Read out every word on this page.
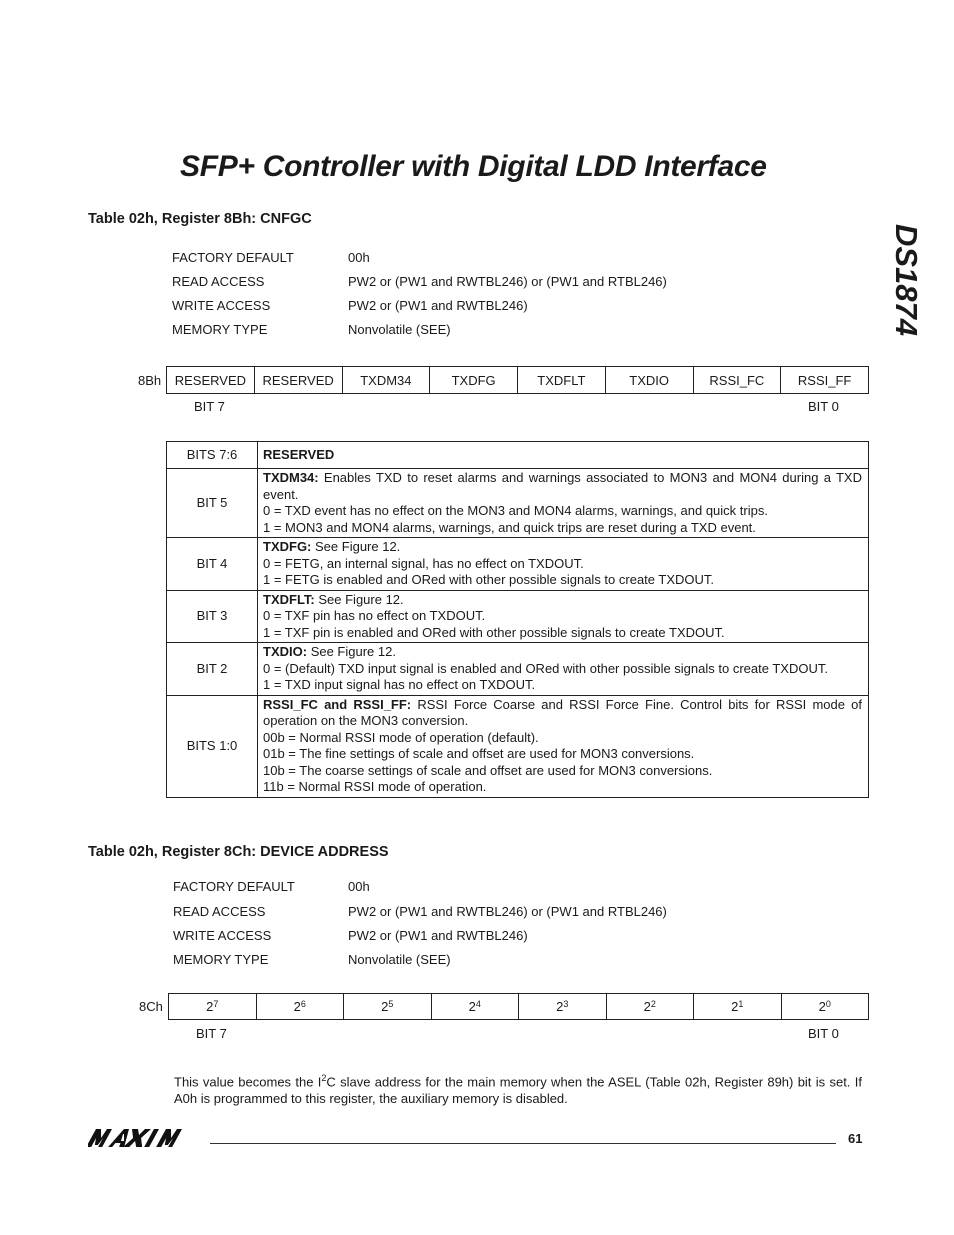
SFP+ Controller with Digital LDD Interface
DS1874
Table 02h, Register 8Bh: CNFGC
FACTORY DEFAULT	00h
READ ACCESS	PW2 or (PW1 and RWTBL246) or (PW1 and RTBL246)
WRITE ACCESS	PW2 or (PW1 and RWTBL246)
MEMORY TYPE	Nonvolatile (SEE)
8Bh	RESERVED	RESERVED	TXDM34	TXDFG	TXDFLT	TXDIO	RSSI_FC	RSSI_FF
BIT 7	BIT 0
BITS 7:6	RESERVED
BIT 5	TXDM34: Enables TXD to reset alarms and warnings associated to MON3 and MON4 during a TXD event.
0 = TXD event has no effect on the MON3 and MON4 alarms, warnings, and quick trips.
1 = MON3 and MON4 alarms, warnings, and quick trips are reset during a TXD event.

BIT 4	TXDFG: See Figure 12.
0 = FETG, an internal signal, has no effect on TXDOUT.
1 = FETG is enabled and ORed with other possible signals to create TXDOUT.

BIT 3	TXDFLT: See Figure 12.
0 = TXF pin has no effect on TXDOUT.
1 = TXF pin is enabled and ORed with other possible signals to create TXDOUT.

BIT 2	TXDIO: See Figure 12.
0 = (Default) TXD input signal is enabled and ORed with other possible signals to create TXDOUT.
1 = TXD input signal has no effect on TXDOUT.

BITS 1:0	RSSI_FC and RSSI_FF: RSSI Force Coarse and RSSI Force Fine. Control bits for RSSI mode of operation on the MON3 conversion.
00b = Normal RSSI mode of operation (default).
01b = The fine settings of scale and offset are used for MON3 conversions.
10b = The coarse settings of scale and offset are used for MON3 conversions.
11b = Normal RSSI mode of operation.
Table 02h, Register 8Ch: DEVICE ADDRESS
FACTORY DEFAULT	00h
READ ACCESS	PW2 or (PW1 and RWTBL246) or (PW1 and RTBL246)
WRITE ACCESS	PW2 or (PW1 and RWTBL246)
MEMORY TYPE	Nonvolatile (SEE)
8Ch	$2^7$	$2^6$	$2^5$	$2^4$	$2^3$	$2^2$	$2^1$	$2^0$
BIT 7	BIT 0
This value becomes the $I^2C$ slave address for the main memory when the ASEL (Table 02h, Register 89h) bit is set. If A0h is programmed to this register, the auxiliary memory is disabled.
61
